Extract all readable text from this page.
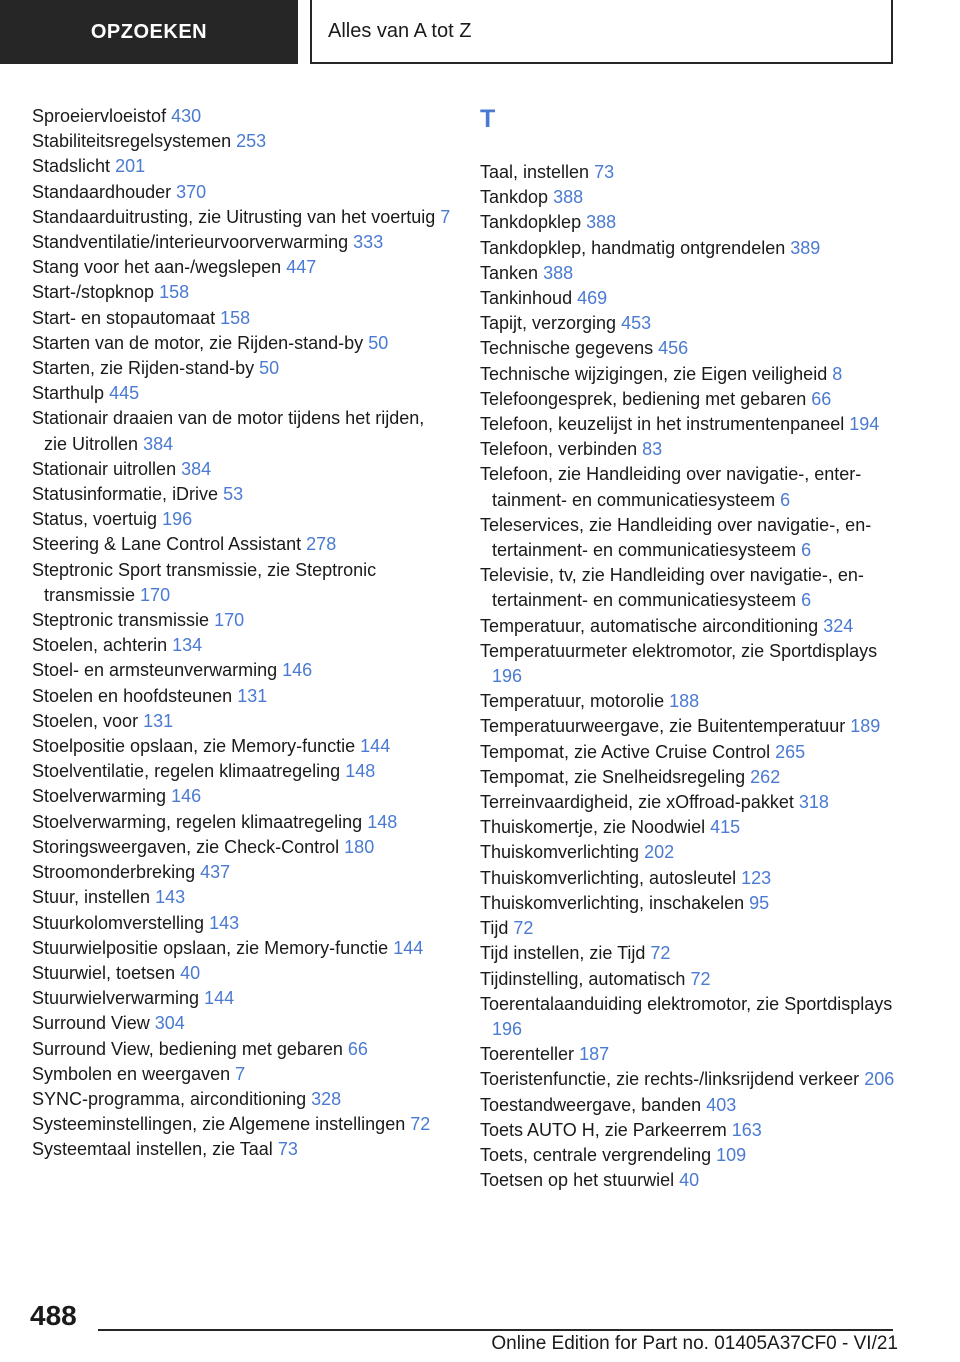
OPZOEKEN	Alles van A tot Z
Sproeiervloeistof 430
Stabiliteitsregelsystemen 253
Stadslicht 201
Standaardhouder 370
Standaarduitrusting, zie Uitrusting van het voertuig 7
Standventilatie/interieurvoorverwarming 333
Stang voor het aan-/wegslepen 447
Start-/stopknop 158
Start- en stopautomaat 158
Starten van de motor, zie Rijden-stand-by 50
Starten, zie Rijden-stand-by 50
Starthulp 445
Stationair draaien van de motor tijdens het rijden, zie Uitrollen 384
Stationair uitrollen 384
Statusinformatie, iDrive 53
Status, voertuig 196
Steering & Lane Control Assistant 278
Steptronic Sport transmissie, zie Steptronic transmissie 170
Steptronic transmissie 170
Stoelen, achterin 134
Stoel- en armsteunverwarming 146
Stoelen en hoofdsteunen 131
Stoelen, voor 131
Stoelpositie opslaan, zie Memory-functie 144
Stoelventilatie, regelen klimaatregeling 148
Stoelverwarming 146
Stoelverwarming, regelen klimaatregeling 148
Storingsweergaven, zie Check-Control 180
Stroomonderbreking 437
Stuur, instellen 143
Stuurkolomverstelling 143
Stuurwielpositie opslaan, zie Memory-functie 144
Stuurwiel, toetsen 40
Stuurwielverwarming 144
Surround View 304
Surround View, bediening met gebaren 66
Symbolen en weergaven 7
SYNC-programma, airconditioning 328
Systeeminstellingen, zie Algemene instellingen 72
Systeemtaal instellen, zie Taal 73
T
Taal, instellen 73
Tankdop 388
Tankdopklep 388
Tankdopklep, handmatig ontgrendelen 389
Tanken 388
Tankinhoud 469
Tapijt, verzorging 453
Technische gegevens 456
Technische wijzigingen, zie Eigen veiligheid 8
Telefoongesprek, bediening met gebaren 66
Telefoon, keuzelijst in het instrumentenpaneel 194
Telefoon, verbinden 83
Telefoon, zie Handleiding over navigatie-, entertainment- en communicatiesysteem 6
Teleservices, zie Handleiding over navigatie-, entertainment- en communicatiesysteem 6
Televisie, tv, zie Handleiding over navigatie-, entertainment- en communicatiesysteem 6
Temperatuur, automatische airconditioning 324
Temperatuurmeter elektromotor, zie Sportdisplays 196
Temperatuur, motorolie 188
Temperatuurweergave, zie Buitentemperatuur 189
Tempomat, zie Active Cruise Control 265
Tempomat, zie Snelheidsregeling 262
Terreinvaardigheid, zie xOffroad-pakket 318
Thuiskomertje, zie Noodwiel 415
Thuiskomverlichting 202
Thuiskomverlichting, autosleutel 123
Thuiskomverlichting, inschakelen 95
Tijd 72
Tijd instellen, zie Tijd 72
Tijdinstelling, automatisch 72
Toerentalaanduiding elektromotor, zie Sportdisplays 196
Toerenteller 187
Toeristenfunctie, zie rechts-/linksrijdend verkeer 206
Toestandweergave, banden 403
Toets AUTO H, zie Parkeerrem 163
Toets, centrale vergrendeling 109
Toetsen op het stuurwiel 40
488
Online Edition for Part no. 01405A37CF0 - VI/21
